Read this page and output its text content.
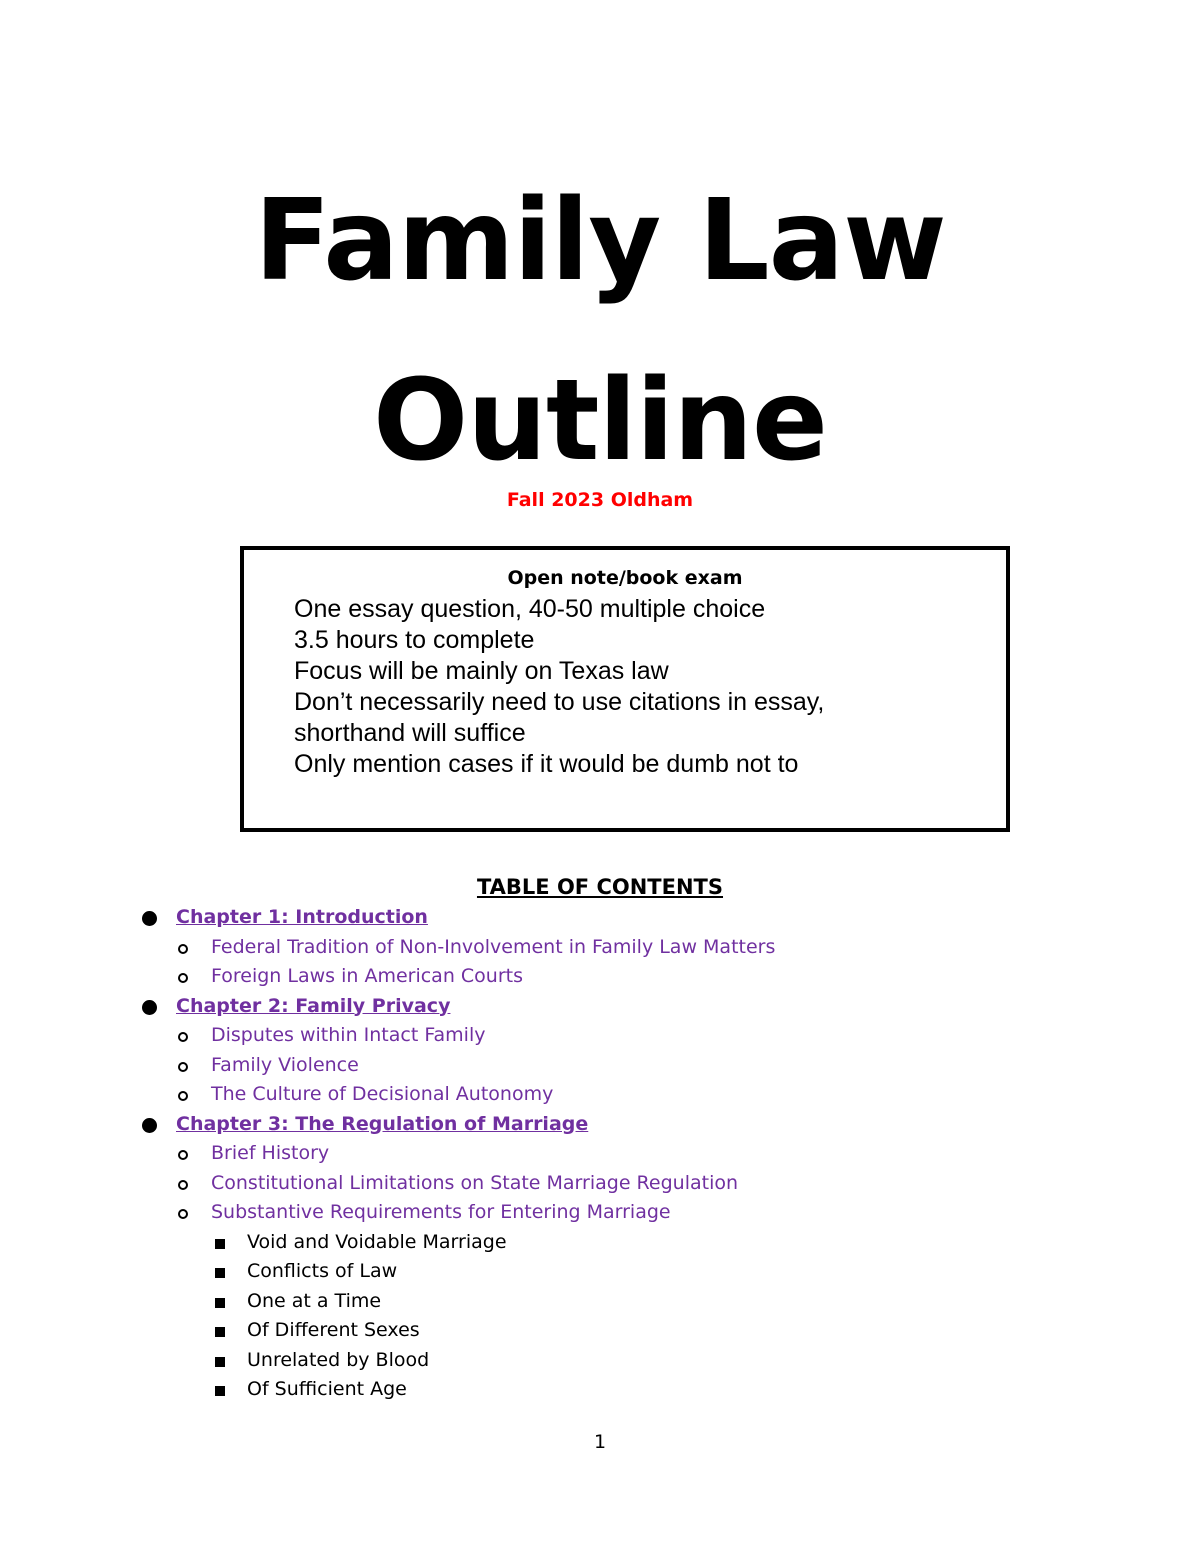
Family Law
Outline
Fall 2023 Oldham
Open note/book exam
One essay question, 40-50 multiple choice
3.5 hours to complete
Focus will be mainly on Texas law
Don’t necessarily need to use citations in essay,
shorthand will suffice
Only mention cases if it would be dumb not to
TABLE OF CONTENTS
Chapter 1: Introduction
Federal Tradition of Non-Involvement in Family Law Matters
Foreign Laws in American Courts
Chapter 2: Family Privacy
Disputes within Intact Family
Family Violence
The Culture of Decisional Autonomy
Chapter 3: The Regulation of Marriage
Brief History
Constitutional Limitations on State Marriage Regulation
Substantive Requirements for Entering Marriage
Void and Voidable Marriage
Conflicts of Law
One at a Time
Of Different Sexes
Unrelated by Blood
Of Sufficient Age
1
